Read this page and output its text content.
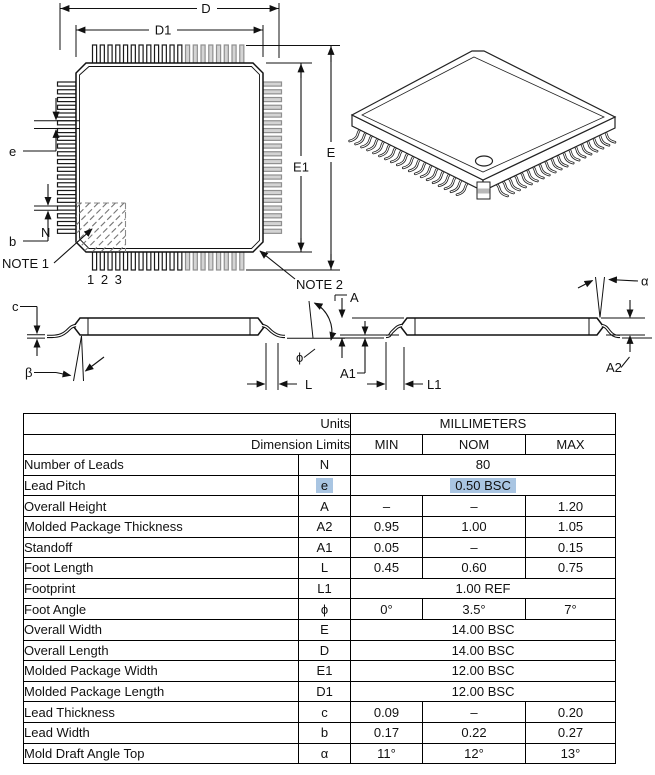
D
D1
E
E1
e
b
N
NOTE 1
1 2 3	NOTE 2
c
β
ϕ
L
A
A1
L1
A2
α
Units		MILLIMETERS		
Dimension Limits		MIN	NOM	MAX
Number of Leads	N	80		
Lead Pitch	e	0.50 BSC		
Overall Height	A	–	–	1.20
Molded Package Thickness	A2	0.95	1.00	1.05
Standoff	A1	0.05	–	0.15
Foot Length	L	0.45	0.60	0.75
Footprint	L1	1.00 REF		
Foot Angle	ϕ	0°	3.5°	7°
Overall Width	E	14.00 BSC		
Overall Length	D	14.00 BSC		
Molded Package Width	E1	12.00 BSC		
Molded Package Length	D1	12.00 BSC		
Lead Thickness	c	0.09	–	0.20
Lead Width	b	0.17	0.22	0.27
Mold Draft Angle Top	α	11°	12°	13°
